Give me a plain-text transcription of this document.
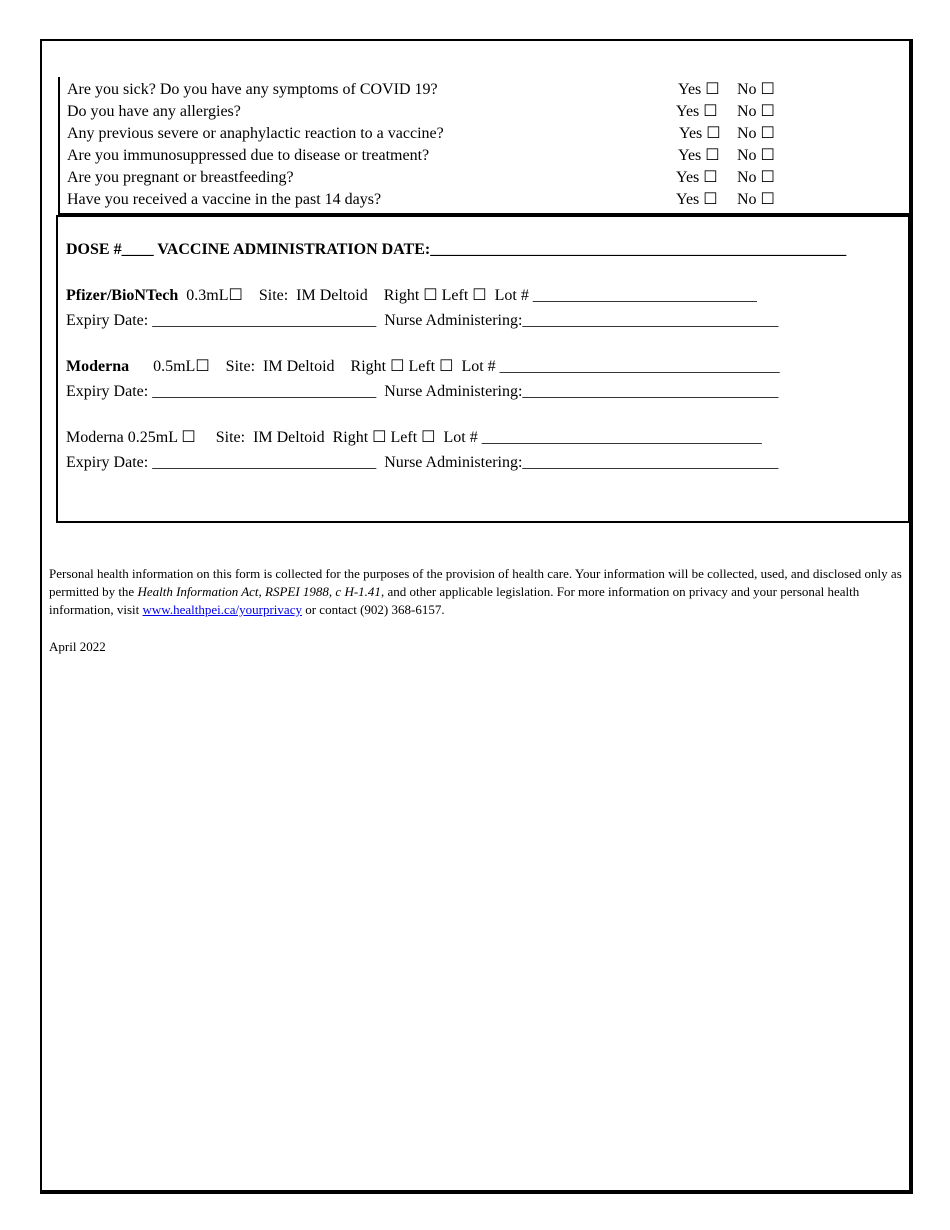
Are you sick? Do you have any symptoms of COVID 19?	Yes ☐ No ☐
Do you have any allergies?	Yes ☐ No ☐
Any previous severe or anaphylactic reaction to a vaccine?	Yes ☐ No ☐
Are you immunosuppressed due to disease or treatment?	Yes ☐ No ☐
Are you pregnant or breastfeeding?	Yes ☐ No ☐
Have you received a vaccine in the past 14 days?	Yes ☐ No ☐
DOSE #____ VACCINE ADMINISTRATION DATE:____________________________________________________
Pfizer/BioNTech  0.3mL☐    Site:  IM Deltoid    Right ☐ Left ☐  Lot # ____________________________
Expiry Date: ____________________________  Nurse Administering:________________________________
Moderna      0.5mL☐    Site:  IM Deltoid    Right ☐ Left ☐  Lot # ___________________________________
Expiry Date: ____________________________  Nurse Administering:________________________________
Moderna 0.25mL ☐     Site:  IM Deltoid  Right ☐ Left ☐  Lot # ___________________________________
Expiry Date: ____________________________  Nurse Administering:________________________________
Personal health information on this form is collected for the purposes of the provision of health care. Your information will be collected, used, and disclosed only as permitted by the Health Information Act, RSPEI 1988, c H-1.41, and other applicable legislation. For more information on privacy and your personal health information, visit www.healthpei.ca/yourprivacy or contact (902) 368-6157.
April 2022
